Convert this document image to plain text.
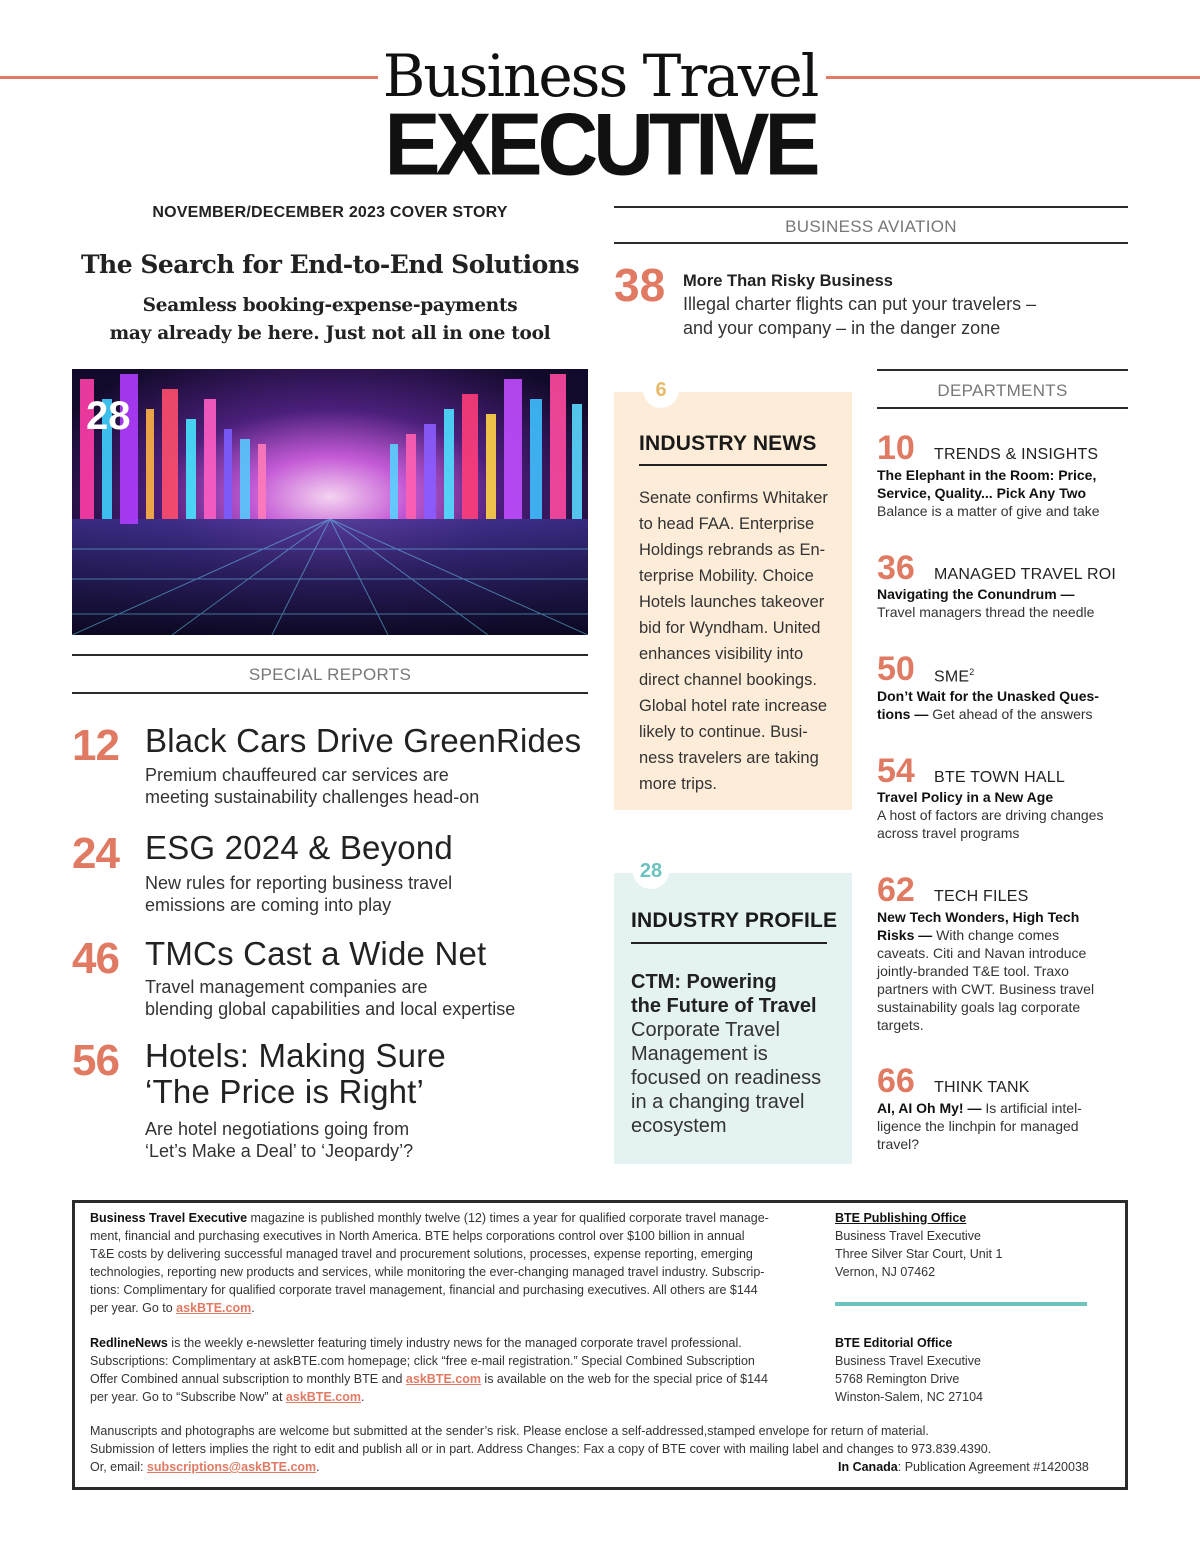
Business Travel
EXECUTIVE
NOVEMBER/DECEMBER 2023 COVER STORY
The Search for End-to-End Solutions
Seamless booking-expense-payments
may already be here. Just not all in one tool
28
SPECIAL REPORTS
12 Black Cars Drive GreenRides
Premium chauffeured car services are
meeting sustainability challenges head-on
24 ESG 2024 & Beyond
New rules for reporting business travel
emissions are coming into play
46 TMCs Cast a Wide Net
Travel management companies are
blending global capabilities and local expertise
56 Hotels: Making Sure
‘The Price is Right’
Are hotel negotiations going from
‘Let’s Make a Deal’ to ‘Jeopardy’?
BUSINESS AVIATION
38 More Than Risky Business
Illegal charter flights can put your travelers –
and your company – in the danger zone
6
INDUSTRY NEWS
Senate confirms Whitaker
to head FAA. Enterprise
Holdings rebrands as En-
terprise Mobility. Choice
Hotels launches takeover
bid for Wyndham. United
enhances visibility into
direct channel bookings.
Global hotel rate increase
likely to continue. Busi-
ness travelers are taking
more trips.
28
INDUSTRY PROFILE
CTM: Powering
the Future of Travel
Corporate Travel
Management is
focused on readiness
in a changing travel
ecosystem
DEPARTMENTS
10 TRENDS & INSIGHTS
The Elephant in the Room: Price,
Service, Quality... Pick Any Two
Balance is a matter of give and take
36 MANAGED TRAVEL ROI
Navigating the Conundrum —
Travel managers thread the needle
50 SME$^2$
Don’t Wait for the Unasked Ques-
tions — Get ahead of the answers
54 BTE TOWN HALL
Travel Policy in a New Age
A host of factors are driving changes
across travel programs
62 TECH FILES
New Tech Wonders, High Tech
Risks — With change comes
caveats. Citi and Navan introduce
jointly-branded T&E tool. Traxo
partners with CWT. Business travel
sustainability goals lag corporate
targets.
66 THINK TANK
AI, AI Oh My! — Is artificial intel-
ligence the linchpin for managed
travel?
Business Travel Executive magazine is published monthly twelve (12) times a year for qualified corporate travel manage-
ment, financial and purchasing executives in North America. BTE helps corporations control over $100 billion in annual
T&E costs by delivering successful managed travel and procurement solutions, processes, expense reporting, emerging
technologies, reporting new products and services, while monitoring the ever-changing managed travel industry. Subscrip-
tions: Complimentary for qualified corporate travel management, financial and purchasing executives. All others are $144
per year. Go to askBTE.com.
RedlineNews is the weekly e-newsletter featuring timely industry news for the managed corporate travel professional.
Subscriptions: Complimentary at askBTE.com homepage; click “free e-mail registration.” Special Combined Subscription
Offer Combined annual subscription to monthly BTE and askBTE.com is available on the web for the special price of $144
per year. Go to “Subscribe Now” at askBTE.com.
Manuscripts and photographs are welcome but submitted at the sender’s risk. Please enclose a self-addressed,stamped envelope for return of material.
Submission of letters implies the right to edit and publish all or in part. Address Changes: Fax a copy of BTE cover with mailing label and changes to 973.839.4390.
Or, email: subscriptions@askBTE.com.	In Canada: Publication Agreement #1420038
BTE Publishing Office
Business Travel Executive
Three Silver Star Court, Unit 1
Vernon, NJ 07462
BTE Editorial Office
Business Travel Executive
5768 Remington Drive
Winston-Salem, NC 27104
